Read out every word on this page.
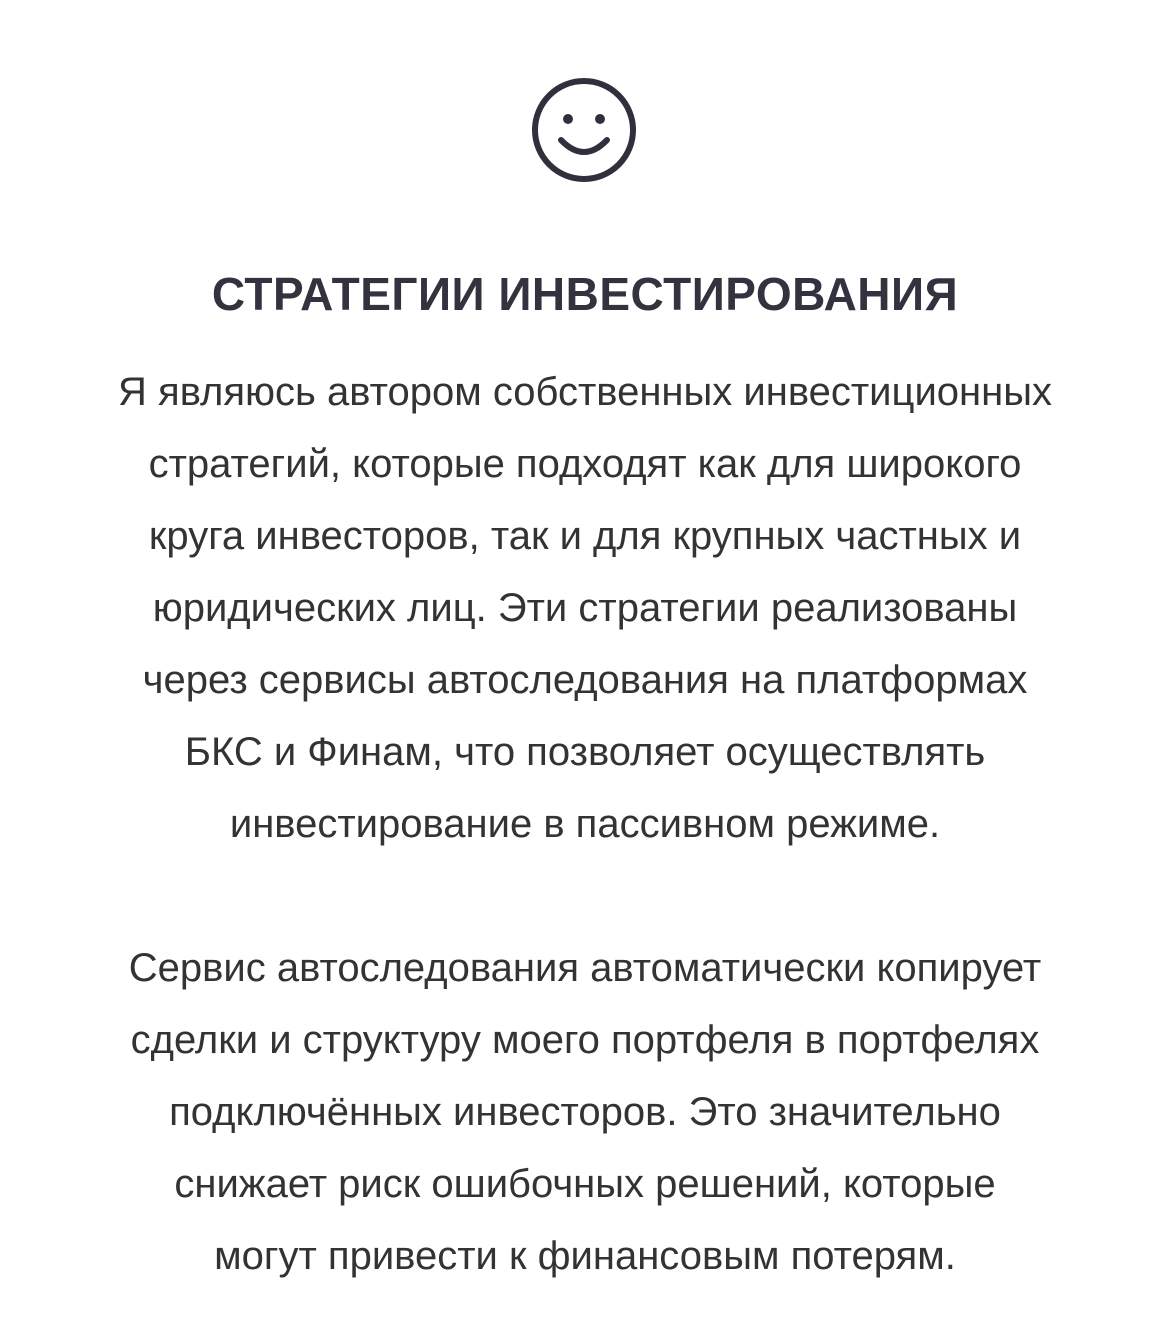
СТРАТЕГИИ ИНВЕСТИРОВАНИЯ

Я являюсь автором собственных инвестиционных
стратегий, которые подходят как для широкого
круга инвесторов, так и для крупных частных и
юридических лиц. Эти стратегии реализованы
через сервисы автоследования на платформах
БКС и Финам, что позволяет осуществлять
инвестирование в пассивном режиме.

Сервис автоследования автоматически копирует
сделки и структуру моего портфеля в портфелях
подключённых инвесторов. Это значительно
снижает риск ошибочных решений, которые
могут привести к финансовым потерям.
